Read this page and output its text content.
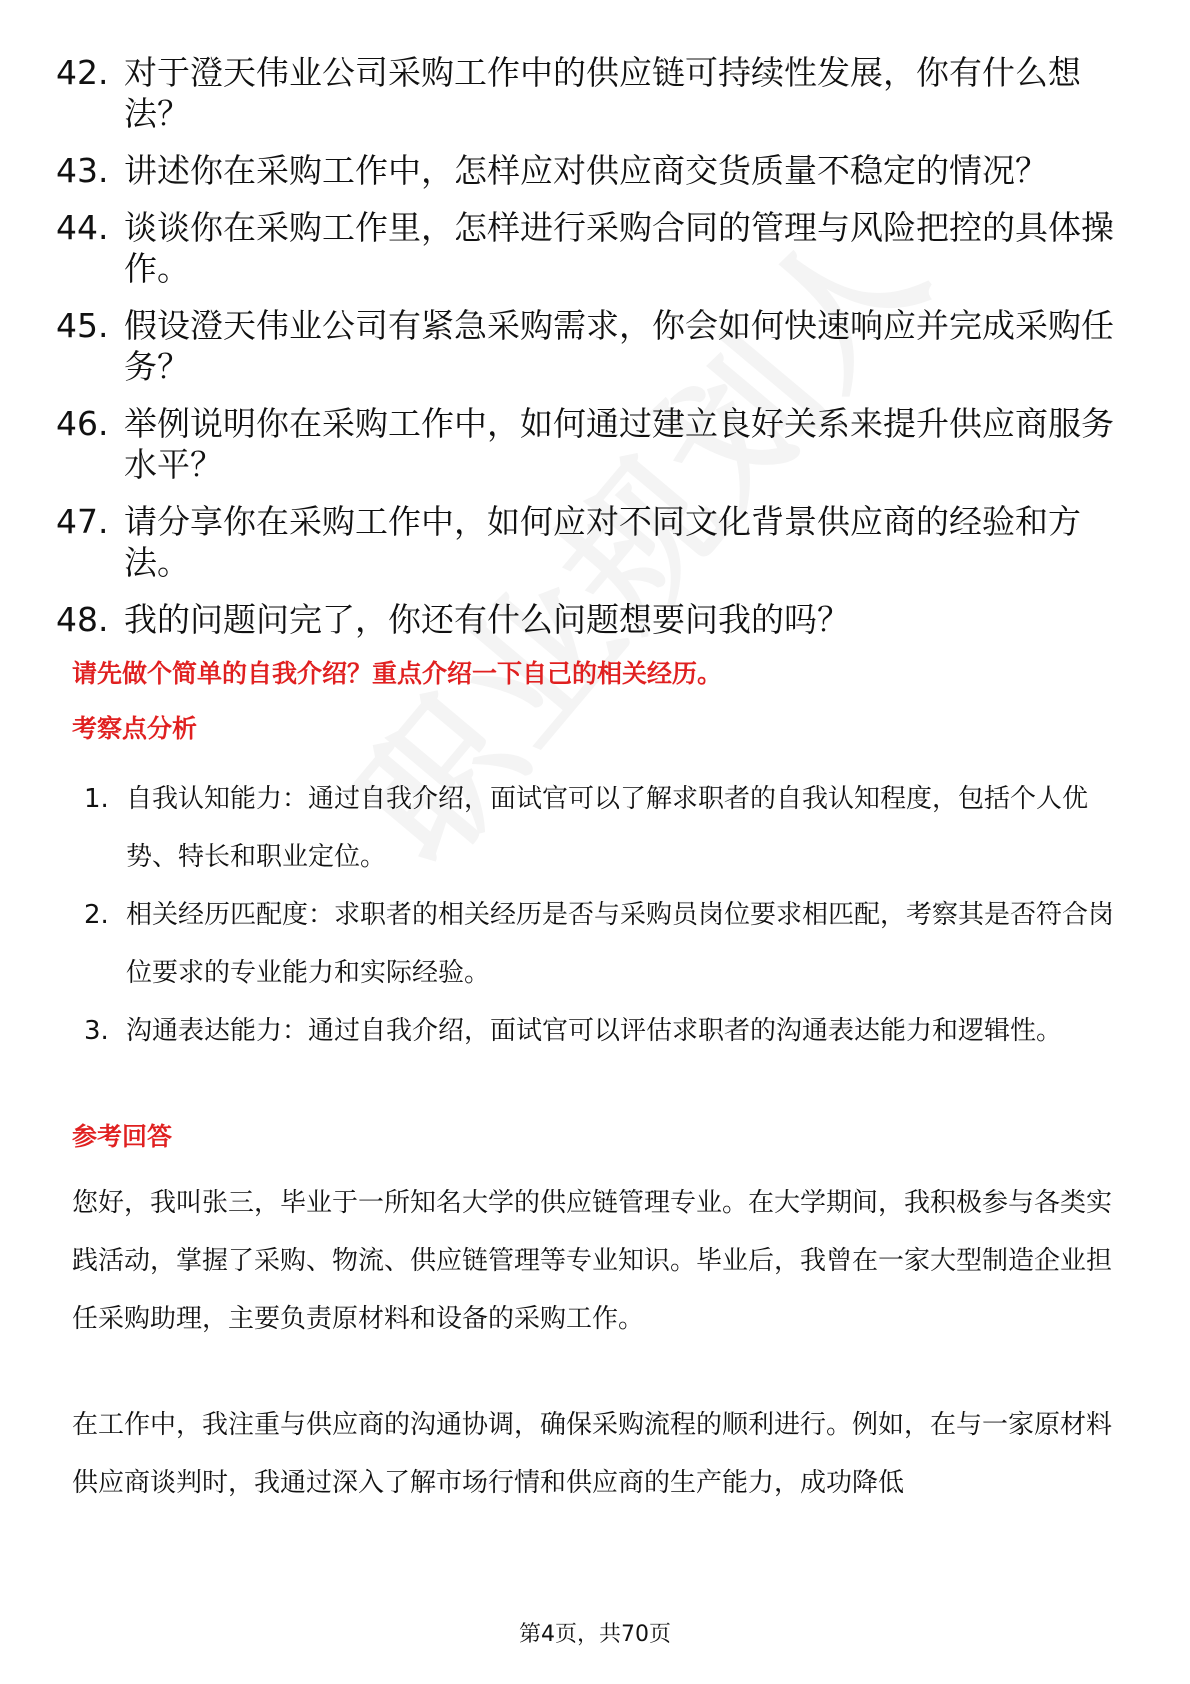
42. 对于澄天伟业公司采购工作中的供应链可持续性发展，你有什么想法？
43. 讲述你在采购工作中，怎样应对供应商交货质量不稳定的情况？
44. 谈谈你在采购工作里，怎样进行采购合同的管理与风险把控的具体操作。
45. 假设澄天伟业公司有紧急采购需求，你会如何快速响应并完成采购任务？
46. 举例说明你在采购工作中，如何通过建立良好关系来提升供应商服务水平？
47. 请分享你在采购工作中，如何应对不同文化背景供应商的经验和方法。
48. 我的问题问完了，你还有什么问题想要问我的吗？
请先做个简单的自我介绍？重点介绍一下自己的相关经历。
考察点分析
1. 自我认知能力：通过自我介绍，面试官可以了解求职者的自我认知程度，包括个人优势、特长和职业定位。
2. 相关经历匹配度：求职者的相关经历是否与采购员岗位要求相匹配，考察其是否符合岗位要求的专业能力和实际经验。
3. 沟通表达能力：通过自我介绍，面试官可以评估求职者的沟通表达能力和逻辑性。
参考回答

您好，我叫张三，毕业于一所知名大学的供应链管理专业。在大学期间，我积极参与各类实践活动，掌握了采购、物流、供应链管理等专业知识。毕业后，我曾在一家大型制造企业担任采购助理，主要负责原材料和设备的采购工作。

在工作中，我注重与供应商的沟通协调，确保采购流程的顺利进行。例如，在与一家原材料供应商谈判时，我通过深入了解市场行情和供应商的生产能力，成功降低

第4页，共70页
